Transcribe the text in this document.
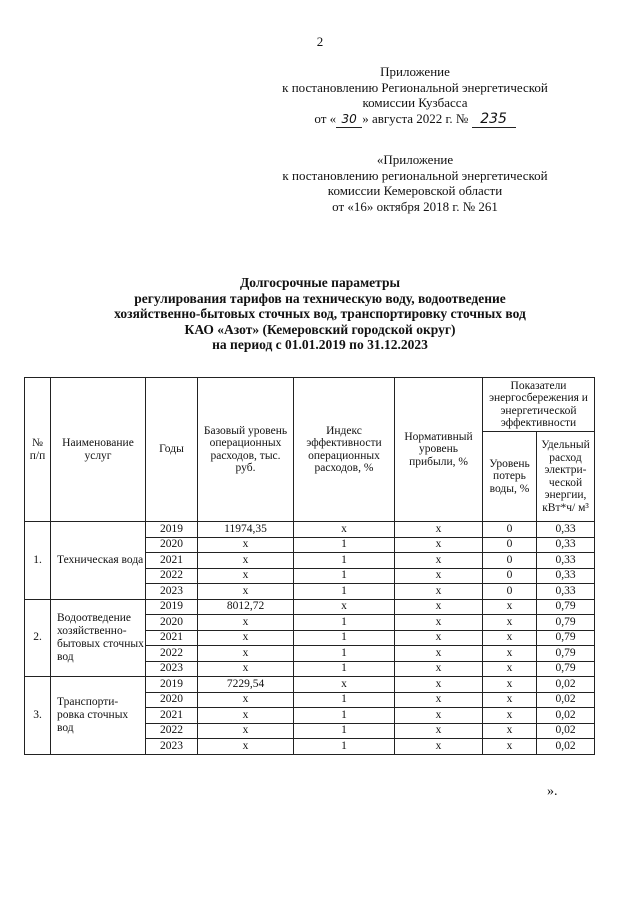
2
Приложение
к постановлению Региональной энергетической
комиссии Кузбасса
от « 30 » августа 2022 г. № 235
«Приложение
к постановлению региональной энергетической
комиссии Кемеровской области
от «16» октября 2018 г. № 261
Долгосрочные параметры
регулирования тарифов на техническую воду, водоотведение
хозяйственно-бытовых сточных вод, транспортировку сточных вод
КАО «Азот» (Кемеровский городской округ)
на период с 01.01.2019 по 31.12.2023
№ п/п	Наименование услуг	Годы	Базовый уровень операционных расходов, тыс. руб.	Индекс эффективности операционных расходов, %	Нормативный уровень прибыли, %	Показатели энергосбережения и энергетической эффективности	
						Уровень потерь воды, %	Удельный расход электри-ческой энергии, кВт*ч/ м³
1.	Техническая вода	2019	11974,35	x	x	0	0,33
		2020	x	1	x	0	0,33
		2021	x	1	x	0	0,33
		2022	x	1	x	0	0,33
		2023	x	1	x	0	0,33
2.	Водоотведение хозяйственно-бытовых сточных вод	2019	8012,72	x	x	x	0,79
		2020	x	1	x	x	0,79
		2021	x	1	x	x	0,79
		2022	x	1	x	x	0,79
		2023	x	1	x	x	0,79
3.	Транспорти-ровка сточных вод	2019	7229,54	x	x	x	0,02
		2020	x	1	x	x	0,02
		2021	x	1	x	x	0,02
		2022	x	1	x	x	0,02
		2023	x	1	x	x	0,02
».
